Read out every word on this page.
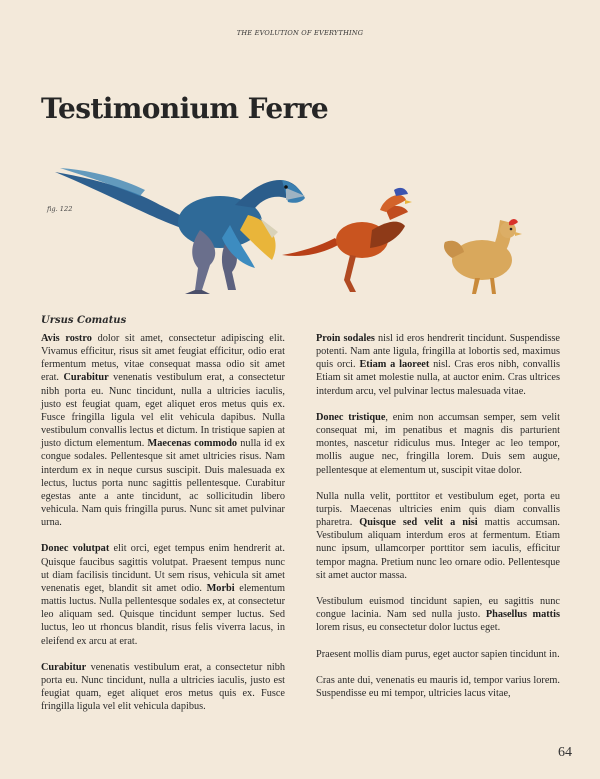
THE EVOLUTION OF EVERYTHING
Testimonium Ferre
fig. 122
Ursus Comatus

Avis rostro dolor sit amet, consectetur adipiscing elit. Vivamus efficitur, risus sit amet feugiat efficitur, odio erat fermentum metus, vitae consequat massa odio sit amet erat. Curabitur venenatis vestibulum erat, a consectetur nibh porta eu. Nunc tincidunt, nulla a ultricies iaculis, justo est feugiat quam, eget aliquet eros metus quis ex. Fusce fringilla ligula vel elit vehicula dapibus. Nulla vestibulum convallis lectus et dictum. In tristique sapien at justo dictum elementum. Maecenas commodo nulla id ex congue sodales. Pellentesque sit amet ultricies risus. Nam interdum ex in neque cursus suscipit. Duis malesuada ex lectus, luctus porta nunc sagittis pellentesque. Curabitur egestas ante a ante tincidunt, ac sollicitudin libero vehicula. Nam quis fringilla purus. Nunc sit amet pulvinar urna.

Donec volutpat elit orci, eget tempus enim hendrerit at. Quisque faucibus sagittis volutpat. Praesent tempus nunc ut diam facilisis tincidunt. Ut sem risus, vehicula sit amet venenatis eget, blandit sit amet odio. Morbi elementum mattis luctus. Nulla pellentesque sodales ex, at consectetur leo aliquam sed. Quisque tincidunt semper luctus. Sed luctus, leo ut rhoncus blandit, risus felis viverra lacus, in eleifend ex arcu at erat.

Curabitur venenatis vestibulum erat, a consectetur nibh porta eu. Nunc tincidunt, nulla a ultricies iaculis, justo est feugiat quam, eget aliquet eros metus quis ex. Fusce fringilla ligula vel elit vehicula dapibus.

Proin sodales nisl id eros hendrerit tincidunt. Suspendisse potenti. Nam ante ligula, fringilla at lobortis sed, maximus quis orci. Etiam a laoreet nisl. Cras eros nibh, convallis Etiam sit amet molestie nulla, at auctor enim. Cras ultrices interdum arcu, vel pulvinar lectus malesuada vitae.

Donec tristique, enim non accumsan semper, sem velit consequat mi, im penatibus et magnis dis parturient montes, nascetur ridiculus mus. Integer ac leo tempor, mollis augue nec, fringilla lorem. Duis sem augue, pellentesque at elementum ut, suscipit vitae dolor.

Nulla nulla velit, porttitor et vestibulum eget, porta eu turpis. Maecenas ultricies enim quis diam convallis pharetra. Quisque sed velit a nisi mattis accumsan. Vestibulum aliquam interdum eros at fermentum. Etiam nunc ipsum, ullamcorper porttitor sem iaculis, efficitur tempor magna. Pretium nunc leo ornare odio. Pellentesque sit amet auctor massa.

Vestibulum euismod tincidunt sapien, eu sagittis nunc congue lacinia. Nam sed nulla justo. Phasellus mattis lorem risus, eu consectetur dolor luctus eget.

Praesent mollis diam purus, eget auctor sapien tincidunt in.

Cras ante dui, venenatis eu mauris id, tempor varius lorem. Suspendisse eu mi tempor, ultricies lacus vitae,

64
